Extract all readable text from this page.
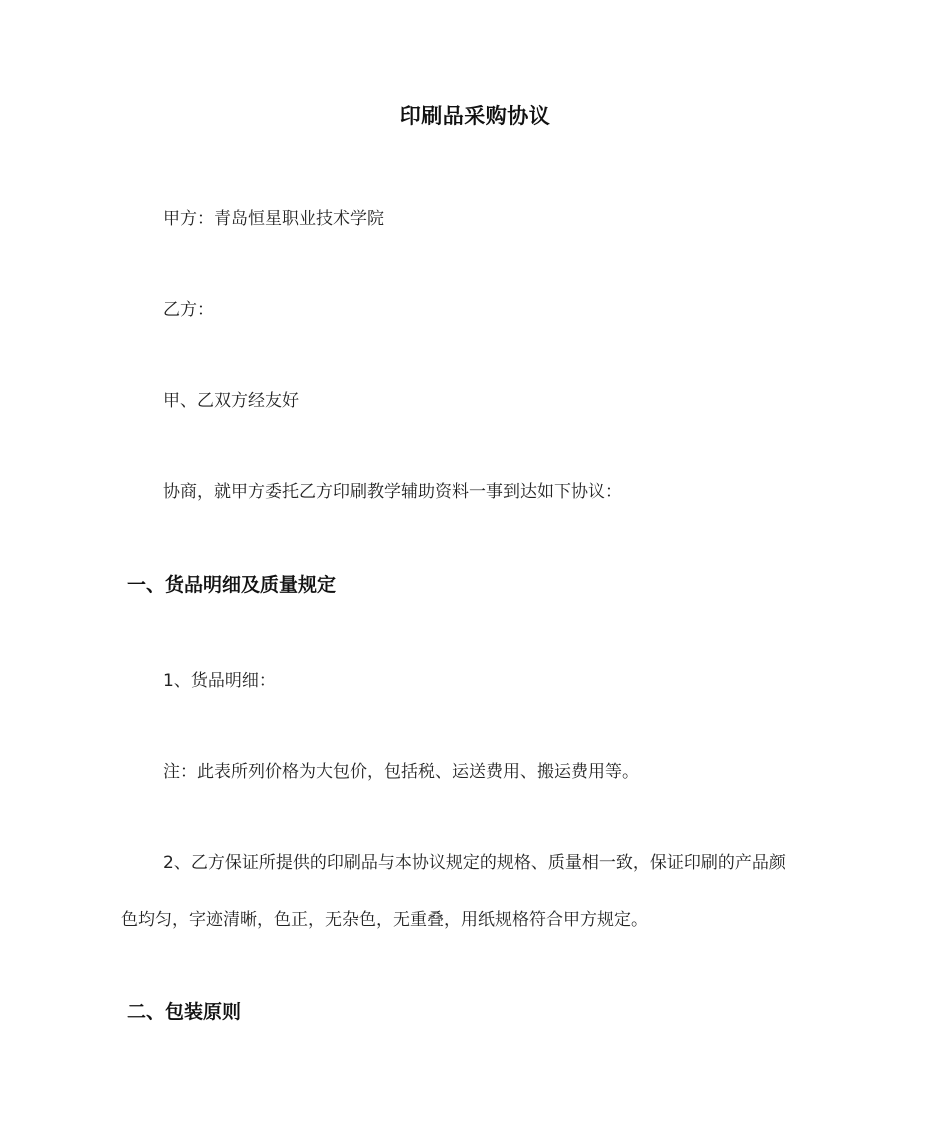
印刷品采购协议
甲方：青岛恒星职业技术学院
乙方：
甲、乙双方经友好
协商，就甲方委托乙方印刷教学辅助资料一事到达如下协议：
一、货品明细及质量规定
1、货品明细：
注：此表所列价格为大包价，包括税、运送费用、搬运费用等。
2、乙方保证所提供的印刷品与本协议规定的规格、质量相一致，保证印刷的产品颜
色均匀，字迹清晰，色正，无杂色，无重叠，用纸规格符合甲方规定。
二、包装原则
